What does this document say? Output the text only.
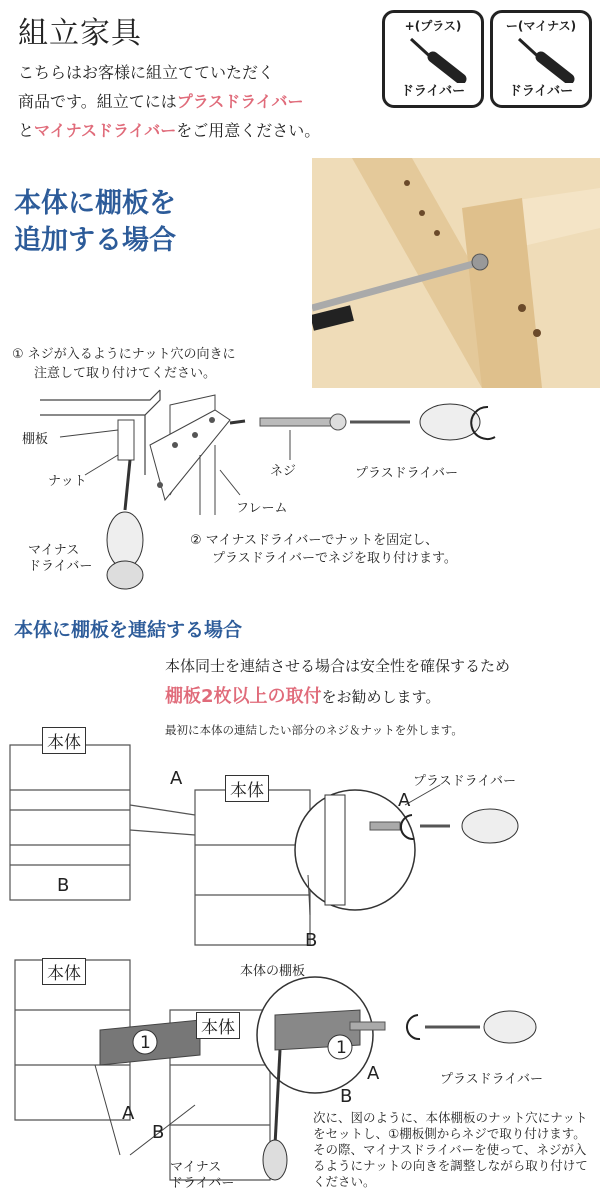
組立家具
こちらはお客様に組立てていただく
商品です。組立てにはプラスドライバー
とマイナスドライバーをご用意ください。
+(プラス)
ドライバー
ー(マイナス)
ドライバー
本体に棚板を
追加する場合
① ネジが入るようにナット穴の向きに
注意して取り付けてください。
棚板
ナット
ネジ
フレーム
プラスドライバー
マイナス
ドライバー
② マイナスドライバーでナットを固定し、
プラスドライバーでネジを取り付けます。
本体に棚板を連結する場合
本体同士を連結させる場合は安全性を確保するため
棚板2枚以上の取付をお勧めします。
最初に本体の連結したい部分のネジ＆ナットを外します。
本体
本体
A
A
B
B
プラスドライバー
本体
本体
本体の棚板
1	1
A
A
B
B
プラスドライバー
マイナス
ドライバー
次に、図のように、本体棚板のナット穴にナットをセットし、①棚板側からネジで取り付けます。その際、マイナスドライバーを使って、ネジが入るようにナットの向きを調整しながら取り付けてください。
